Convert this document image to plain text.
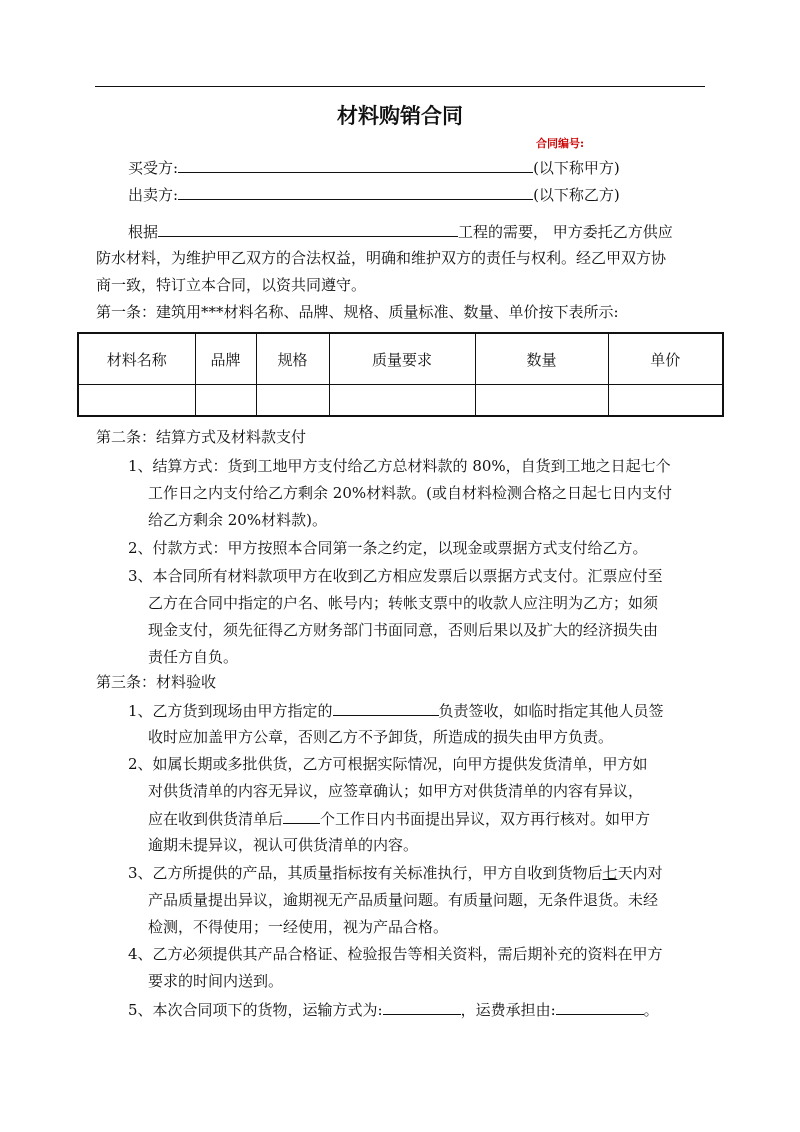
材料购销合同
合同编号:
买受方:	(以下称甲方)
出卖方:	(以下称乙方)
根据	工程的需要， 甲方委托乙方供应
防水材料，为维护甲乙双方的合法权益，明确和维护双方的责任与权利。经乙甲双方协
商一致，特订立本合同，以资共同遵守。
第一条：建筑用***材料名称、品牌、规格、质量标准、数量、单价按下表所示:
材料名称	品牌	规格	质量要求	数量	单价

第二条：结算方式及材料款支付
1、结算方式：货到工地甲方支付给乙方总材料款的 80%，自货到工地之日起七个
工作日之内支付给乙方剩余 20%材料款。(或自材料检测合格之日起七日内支付
给乙方剩余 20%材料款)。
2、付款方式：甲方按照本合同第一条之约定，以现金或票据方式支付给乙方。
3、本合同所有材料款项甲方在收到乙方相应发票后以票据方式支付。汇票应付至
乙方在合同中指定的户名、帐号内；转帐支票中的收款人应注明为乙方；如须
现金支付，须先征得乙方财务部门书面同意，否则后果以及扩大的经济损失由
责任方自负。
第三条：材料验收
1、乙方货到现场由甲方指定的	负责签收，如临时指定其他人员签
收时应加盖甲方公章，否则乙方不予卸货，所造成的损失由甲方负责。
2、如属长期或多批供货，乙方可根据实际情况，向甲方提供发货清单，甲方如
对供货清单的内容无异议，应签章确认；如甲方对供货清单的内容有异议，
应在收到供货清单后 个工作日内书面提出异议，双方再行核对。如甲方
逾期未提异议，视认可供货清单的内容。
3、乙方所提供的产品，其质量指标按有关标准执行，甲方自收到货物后七天内对
产品质量提出异议，逾期视无产品质量问题。有质量问题，无条件退货。未经
检测，不得使用；一经使用，视为产品合格。
4、乙方必须提供其产品合格证、检验报告等相关资料，需后期补充的资料在甲方
要求的时间内送到。
5、本次合同项下的货物，运输方式为:	，运费承担由:	。
